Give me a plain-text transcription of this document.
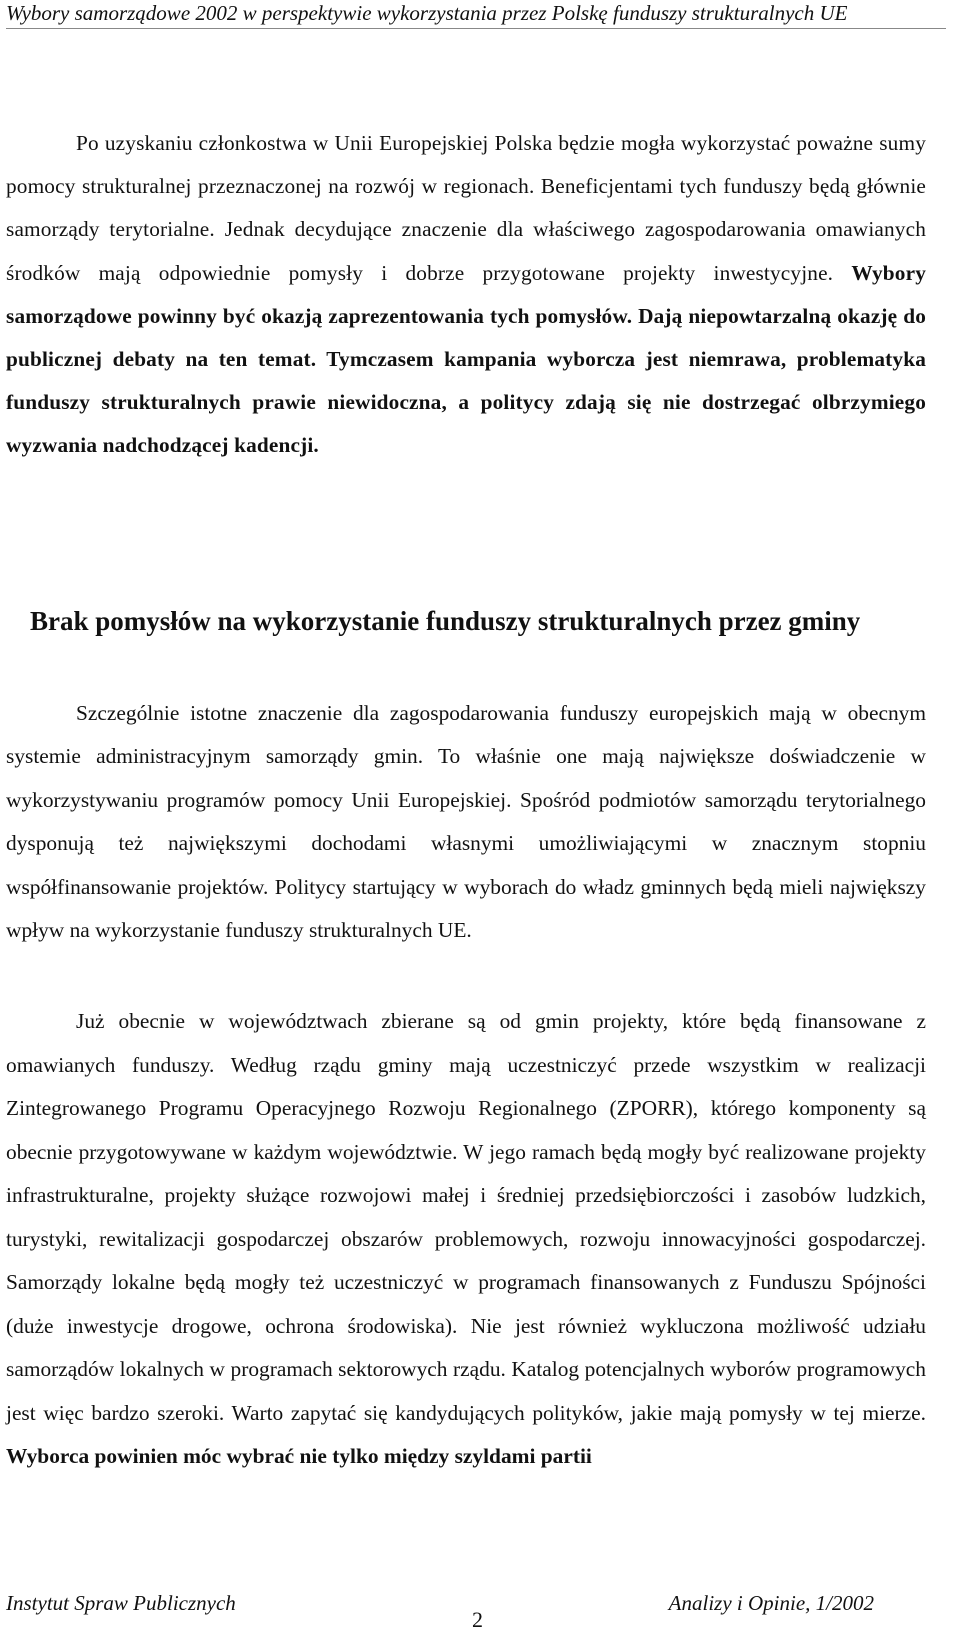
Wybory samorządowe 2002 w perspektywie wykorzystania przez Polskę funduszy strukturalnych UE

Po uzyskaniu członkostwa w Unii Europejskiej Polska będzie mogła wykorzystać poważne sumy pomocy strukturalnej przeznaczonej na rozwój w regionach. Beneficjentami tych funduszy będą głównie samorządy terytorialne. Jednak decydujące znaczenie dla właściwego zagospodarowania omawianych środków mają odpowiednie pomysły i dobrze przygotowane projekty inwestycyjne. Wybory samorządowe powinny być okazją zaprezentowania tych pomysłów. Dają niepowtarzalną okazję do publicznej debaty na ten temat. Tymczasem kampania wyborcza jest niemrawa, problematyka funduszy strukturalnych prawie niewidoczna, a politycy zdają się nie dostrzegać olbrzymiego wyzwania nadchodzącej kadencji.

Brak pomysłów na wykorzystanie funduszy strukturalnych przez gminy

Szczególnie istotne znaczenie dla zagospodarowania funduszy europejskich mają w obecnym systemie administracyjnym samorządy gmin. To właśnie one mają największe doświadczenie w wykorzystywaniu programów pomocy Unii Europejskiej. Spośród podmiotów samorządu terytorialnego dysponują też największymi dochodami własnymi umożliwiającymi w znacznym stopniu współfinansowanie projektów. Politycy startujący w wyborach do władz gminnych będą mieli największy wpływ na wykorzystanie funduszy strukturalnych UE.

Już obecnie w województwach zbierane są od gmin projekty, które będą finansowane z omawianych funduszy. Według rządu gminy mają uczestniczyć przede wszystkim w realizacji Zintegrowanego Programu Operacyjnego Rozwoju Regionalnego (ZPORR), którego komponenty są obecnie przygotowywane w każdym województwie. W jego ramach będą mogły być realizowane projekty infrastrukturalne, projekty służące rozwojowi małej i średniej przedsiębiorczości i zasobów ludzkich, turystyki, rewitalizacji gospodarczej obszarów problemowych, rozwoju innowacyjności gospodarczej. Samorządy lokalne będą mogły też uczestniczyć w programach finansowanych z Funduszu Spójności (duże inwestycje drogowe, ochrona środowiska). Nie jest również wykluczona możliwość udziału samorządów lokalnych w programach sektorowych rządu. Katalog potencjalnych wyborów programowych jest więc bardzo szeroki. Warto zapytać się kandydujących polityków, jakie mają pomysły w tej mierze. Wyborca powinien móc wybrać nie tylko między szyldami partii

Instytut Spraw Publicznych
2
Analizy i Opinie, 1/2002
